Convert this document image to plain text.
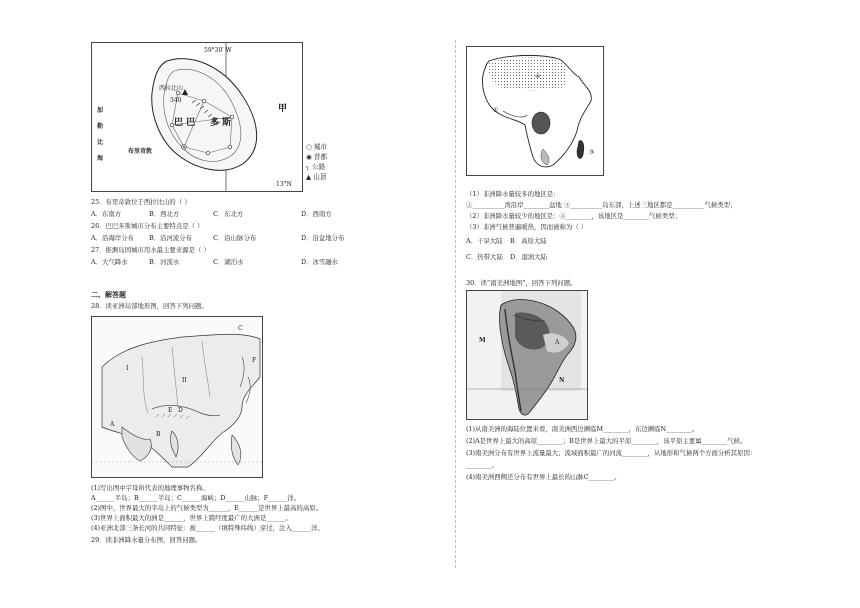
59°30′ W
13°N
西拉比山
340
巴 巴 多 斯
布里奇敦
甲
加
勒
比
海
○ 城市
◉ 首都
╮ 公路
▲ 山顶
25．布里奇敦位于西拉比山的（ ）
A．东南方	B．西北方	C．东北方	D．西南方
26．巴巴多斯城市分布主要特点是（ ）
A．沿海岸分布 B．沿河流分布	C．沿山脉分布	D．沿盆地分布
27．推测岛国城市用水最主要来源是（ ）
A．大气降水	B．河流水	C．湖泊水	D．冰雪融水
二、解答题
28．读亚洲局部地形图，回答下列问题。
C
I
II
F
E D
A
B
(1)写出图中字母所代表的地理事物名称。
A______半岛；B______半岛；C______海峡；D______山脉；F______洋。
(2)图中，世界最大的半岛上的气候类型为______，E______是世界上最高的高原。
(3)世界上面积最大的洲是______，世界上跨经度最广的大洲是______。
(4)亚洲北部三条长河的共同特征：被______（填特殊纬线）穿过，注入______洋。
29．读非洲降水量分布图，回答问题。
④
①
③
（1）非洲降水量较多的地区是：
①__________湾沿岸________盆地 ③__________岛东部，上述三地区都是__________气候类型；
（2）非洲降水量较少的地区是：④________，该地区是________气候类型；
（3）非洲气候普遍暖热，因而被称为（ ）
A．干旱大陆 B．高原大陆
C．热带大陆 D．湿润大陆
30．读“南美洲地图”，回答下列问题。
M	A
N
(1)从南美洲的海陆位置来看，南美洲西边濒临M________，东边濒临N________。
(2)A是世界上最大的高原________；B是世界上最大的平原________，该平原主要属________气候。
(3)南美洲分布有世界上流量最大、流域面积最广的河流________，从地形和气候两个方面分析其原因：
________。
(4)南美洲西侧还分布有世界上最长的山脉C________。
